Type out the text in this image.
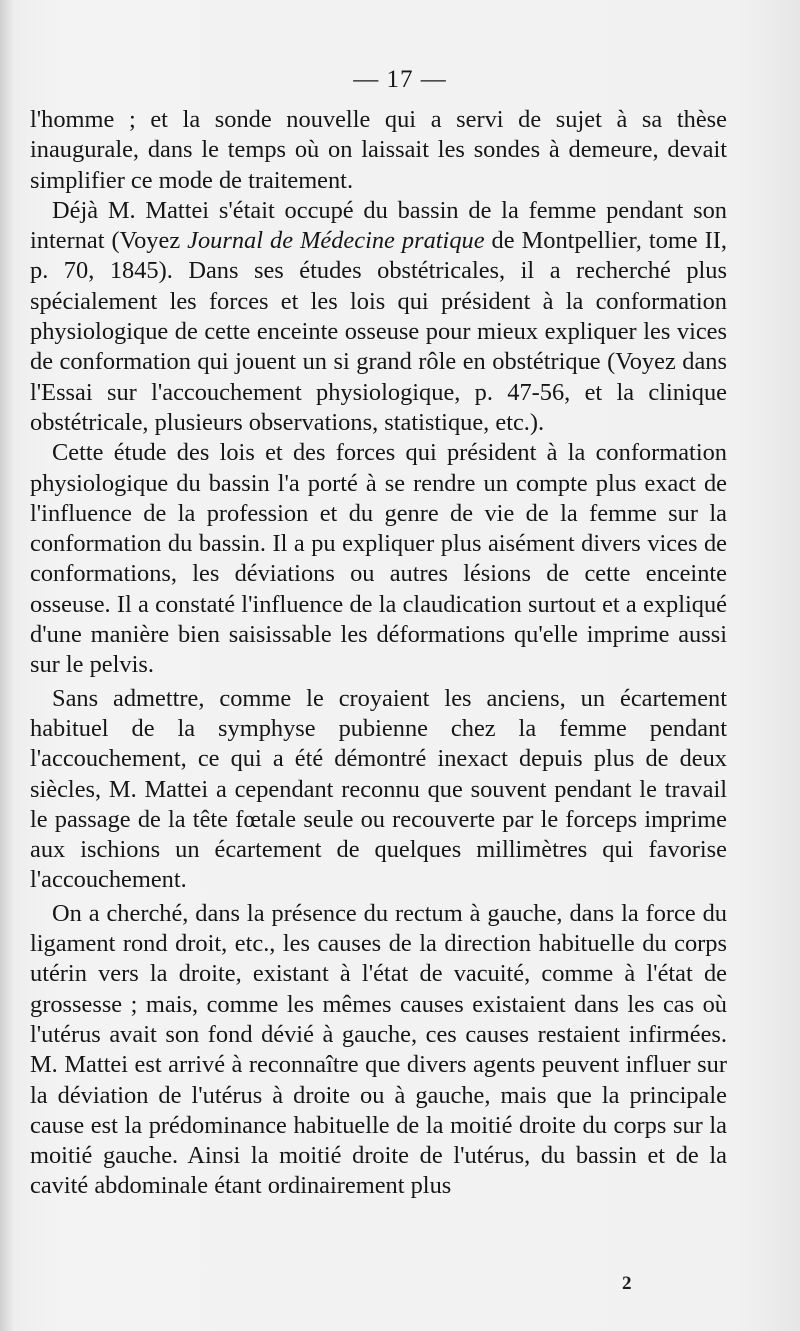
— 17 —

l'homme ; et la sonde nouvelle qui a servi de sujet à sa thèse inaugurale, dans le temps où on laissait les sondes à demeure, devait simplifier ce mode de traitement.

Déjà M. Mattei s'était occupé du bassin de la femme pendant son internat (Voyez Journal de Médecine pratique de Montpellier, tome II, p. 70, 1845). Dans ses études obstétricales, il a recherché plus spécialement les forces et les lois qui président à la conformation physiologique de cette enceinte osseuse pour mieux expliquer les vices de conformation qui jouent un si grand rôle en obstétrique (Voyez dans l'Essai sur l'accouchement physiologique, p. 47-56, et la clinique obstétricale, plusieurs observations, statistique, etc.).

Cette étude des lois et des forces qui président à la conformation physiologique du bassin l'a porté à se rendre un compte plus exact de l'influence de la profession et du genre de vie de la femme sur la conformation du bassin. Il a pu expliquer plus aisément divers vices de conformations, les déviations ou autres lésions de cette enceinte osseuse. Il a constaté l'influence de la claudication surtout et a expliqué d'une manière bien saisissable les déformations qu'elle imprime aussi sur le pelvis.

Sans admettre, comme le croyaient les anciens, un écartement habituel de la symphyse pubienne chez la femme pendant l'accouchement, ce qui a été démontré inexact depuis plus de deux siècles, M. Mattei a cependant reconnu que souvent pendant le travail le passage de la tête fœtale seule ou recouverte par le forceps imprime aux ischions un écartement de quelques millimètres qui favorise l'accouchement.

On a cherché, dans la présence du rectum à gauche, dans la force du ligament rond droit, etc., les causes de la direction habituelle du corps utérin vers la droite, existant à l'état de vacuité, comme à l'état de grossesse ; mais, comme les mêmes causes existaient dans les cas où l'utérus avait son fond dévié à gauche, ces causes restaient infirmées. M. Mattei est arrivé à reconnaître que divers agents peuvent influer sur la déviation de l'utérus à droite ou à gauche, mais que la principale cause est la prédominance habituelle de la moitié droite du corps sur la moitié gauche. Ainsi la moitié droite de l'utérus, du bassin et de la cavité abdominale étant ordinairement plus

2
